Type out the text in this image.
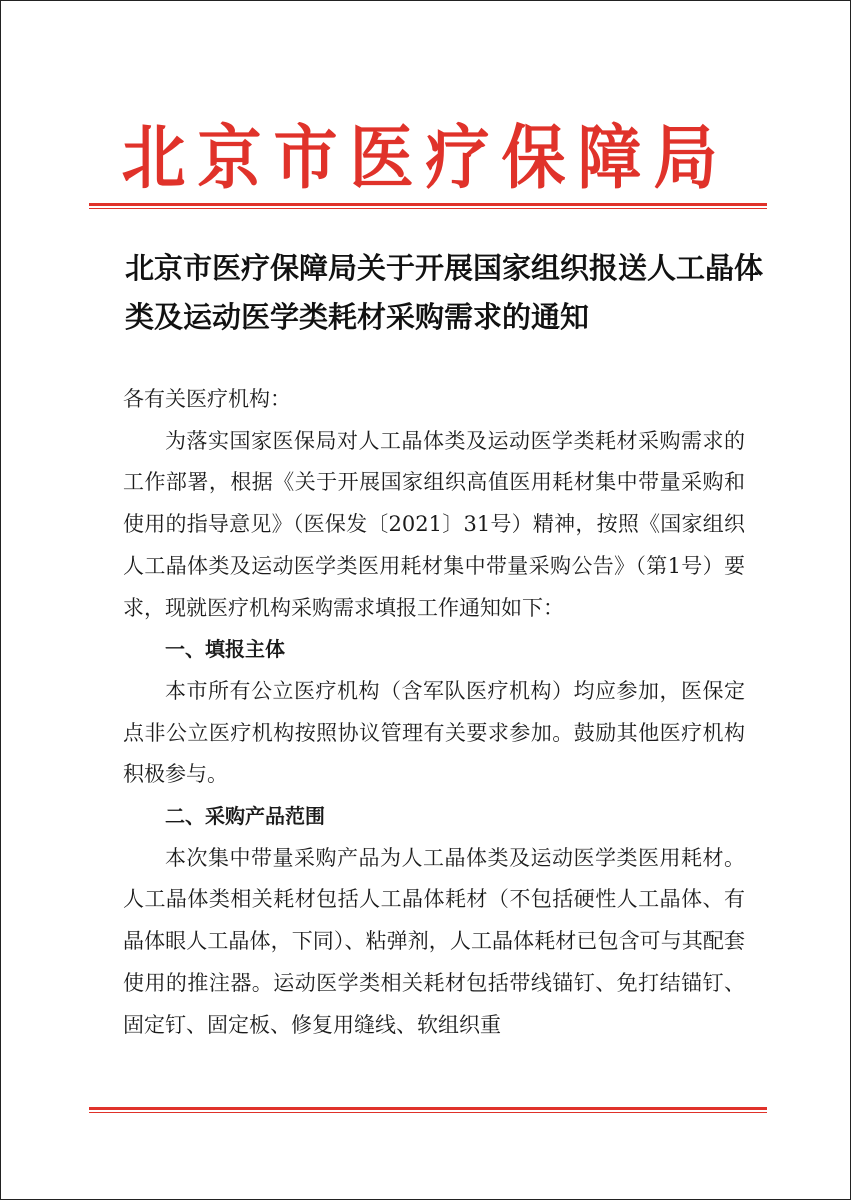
北京市医疗保障局
北京市医疗保障局关于开展国家组织报送人工晶体类及运动医学类耗材采购需求的通知

各有关医疗机构：

为落实国家医保局对人工晶体类及运动医学类耗材采购需求的工作部署，根据《关于开展国家组织高值医用耗材集中带量采购和使用的指导意见》（医保发〔2021〕31号）精神，按照《国家组织人工晶体类及运动医学类医用耗材集中带量采购公告》（第1号）要求，现就医疗机构采购需求填报工作通知如下：

一、填报主体

本市所有公立医疗机构（含军队医疗机构）均应参加，医保定点非公立医疗机构按照协议管理有关要求参加。鼓励其他医疗机构积极参与。

二、采购产品范围

本次集中带量采购产品为人工晶体类及运动医学类医用耗材。人工晶体类相关耗材包括人工晶体耗材（不包括硬性人工晶体、有晶体眼人工晶体，下同）、粘弹剂，人工晶体耗材已包含可与其配套使用的推注器。运动医学类相关耗材包括带线锚钉、免打结锚钉、固定钉、固定板、修复用缝线、软组织重
